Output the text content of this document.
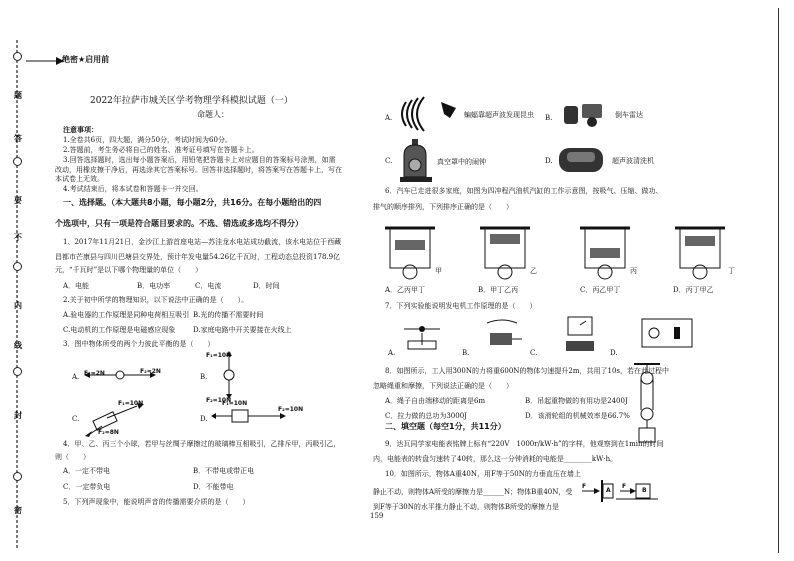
题
答
要
不
内
线
封
密
绝密★启用前
2022年拉萨市城关区学考物理学科模拟试题（一）
命题人：
注意事项：
1.全卷共6页，四大题，满分50分，考试时间为60分。
2.答题前，考生务必将自己的姓名、准考证号填写在答题卡上。
3.回答选择题时，选出每小题答案后，用铅笔把答题卡上对应题目的答案标号涂黑，如需
改动，用橡皮擦干净后，再选涂其它答案标号。回答非选择题时，将答案写在答题卡上，写在
本试卷上无效。
4.考试结束后，将本试卷和答题卡一并交回。
一、选择题。（本大题共8小题，每小题2分，共16分。在每小题给出的四
个选项中，只有一项是符合题目要求的。不选、错选或多选均不得分）
1、2017年11月21日，金沙江上游首座电站—苏洼龙水电站成功截流，该水电站位于西藏
昌都市芒康县与四川巴塘县交界处，预计年发电量54.26亿千瓦时，工程动态总投资178.9亿
元，“千瓦时”是以下哪个物理量的单位（　　）
A．电能	B．电功率	C．电流	D．时间
2.关于初中所学的物理知识，以下说法中正确的是（　　）。
A.验电器的工作原理是同种电荷相互吸引 B.光的传播不需要时间
C.电动机的工作原理是电磁感应现象	D.家庭电路中开关要接在火线上
3．图中物体所受的两个力彼此平衡的是（　　）
A. F₁=2N	F₂=2N
B.
F₁=10N
F₂=10N
C.
F₁=10N
F₂=8N
D.
F₁=10N
F₂=10N
4．甲、乙、丙三个小球，若甲与丝绸子摩擦过的玻璃棒互相吸引，乙排斥甲，丙吸引乙，
则（　　）
A．一定不带电	B．不带电或带正电
C．一定带负电	D．不能带电
5．下列声现象中，能说明声音的传播需要介质的是（　　）
A.	蝙蝠靠超声波发现昆虫 B.	倒车雷达
C.	真空罩中的闹钟	D.	超声波清洗机
6．汽车已走进很多家庭，如图为四冲程汽油机汽缸的工作示意图，按吸气、压缩、做功、
排气的顺序排列，下列排序正确的是（　　）
甲	乙	丙	丁
A．乙丙甲丁	B．甲丁乙丙	C．丙乙甲丁	D．丙丁甲乙
7．下列实验能说明发电机工作原理的是（　　）
A.	B.	C.	D.
8．如图所示，工人用300N的力将重600N的物体匀速提升2m，共用了10s，若在此过程中
忽略绳重和摩擦，下列说法正确的是（　　）
A．绳子自由端移动的距离是6m	B．吊起重物做的有用功是2400J
C．拉力做的总功为3000J	D．该滑轮组的机械效率是66.7%
二、填空题（每空1分，共11分）
9．达瓦同学家电能表铭牌上标有“220V　1000r/kW·h”的字样，他观察到在1min的时间
内，电能表的转盘匀速转了40转，那么这一分钟消耗的电能是________kW·h。
10．如图所示，物体A重40N，用F等于50N的力垂直压在墙上
静止不动，则物体A所受的摩擦力是______N；物体B重40N，受
到F等于30N的水平推力静止不动，则物体B所受的摩擦力是
F
A
F
B
159
